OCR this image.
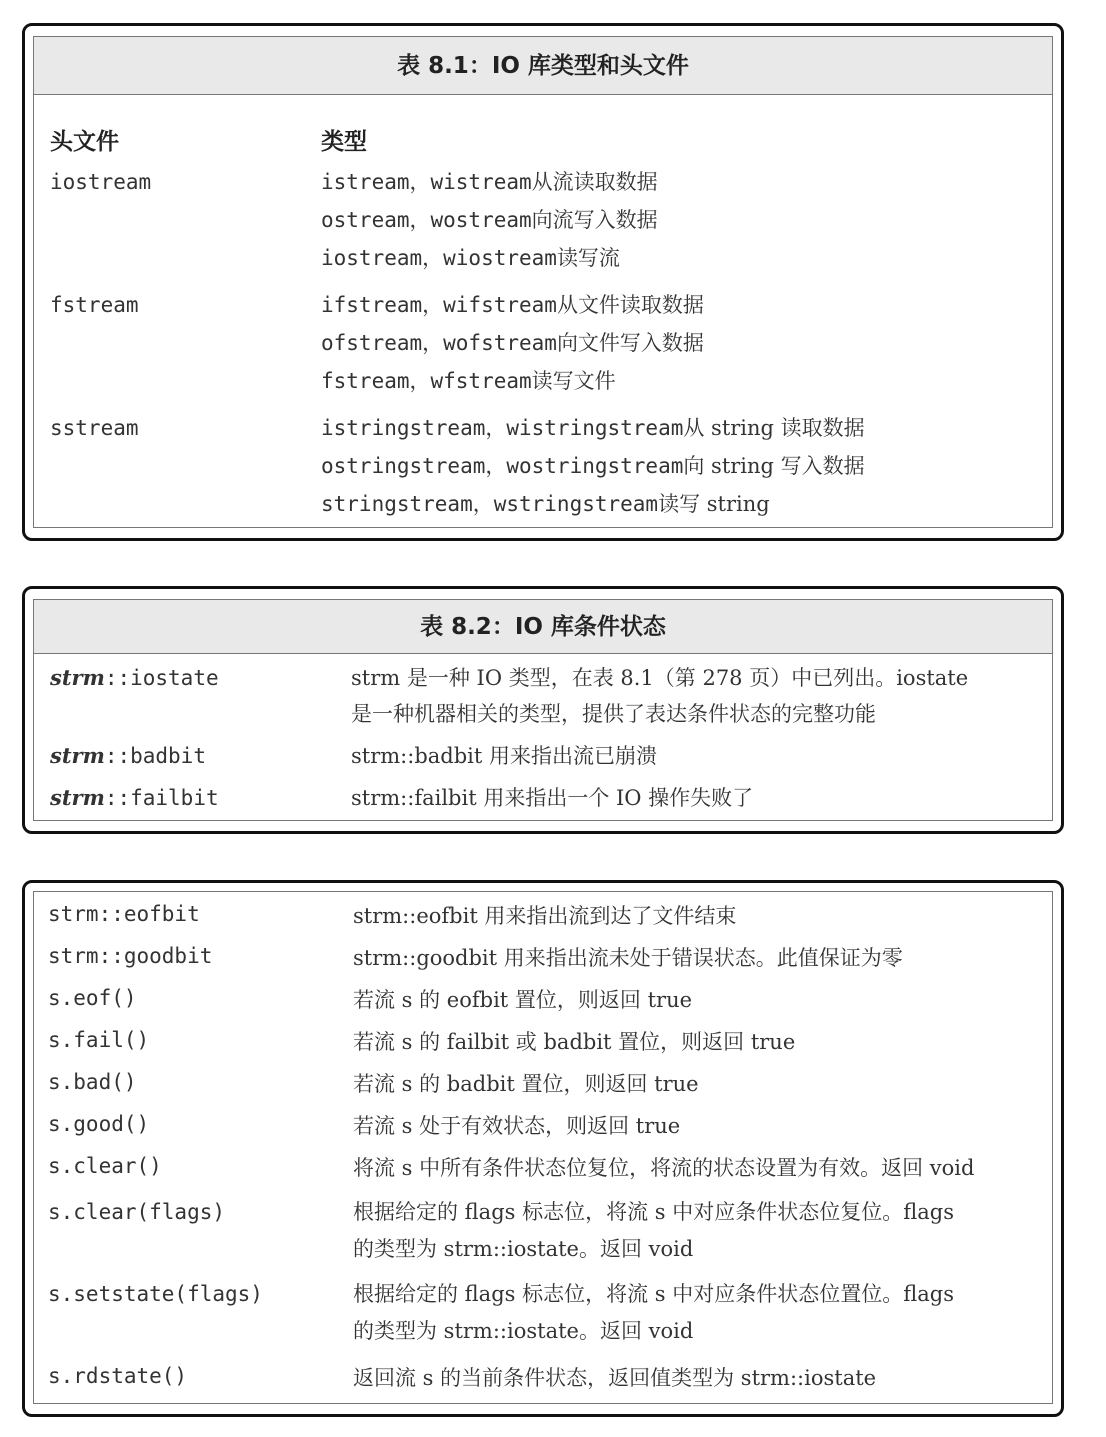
表 8.1：IO 库类型和头文件
头文件	类型
iostream	istream，wistream从流读取数据
ostream，wostream向流写入数据
iostream，wiostream读写流
fstream	ifstream，wifstream从文件读取数据
ofstream，wofstream向文件写入数据
fstream，wfstream读写文件
sstream	istringstream，wistringstream从 string 读取数据
ostringstream，wostringstream向 string 写入数据
stringstream，wstringstream读写 string
表 8.2：IO 库条件状态
strm::iostate	strm 是一种 IO 类型，在表 8.1（第 278 页）中已列出。iostate
是一种机器相关的类型，提供了表达条件状态的完整功能
strm::badbit	strm::badbit 用来指出流已崩溃
strm::failbit	strm::failbit 用来指出一个 IO 操作失败了
strm::eofbit	strm::eofbit 用来指出流到达了文件结束
strm::goodbit	strm::goodbit 用来指出流未处于错误状态。此值保证为零
s.eof()	若流 s 的 eofbit 置位，则返回 true
s.fail()	若流 s 的 failbit 或 badbit 置位，则返回 true
s.bad()	若流 s 的 badbit 置位，则返回 true
s.good()	若流 s 处于有效状态，则返回 true
s.clear()	将流 s 中所有条件状态位复位，将流的状态设置为有效。返回 void
s.clear(flags)	根据给定的 flags 标志位，将流 s 中对应条件状态位复位。flags
的类型为 strm::iostate。返回 void
s.setstate(flags)	根据给定的 flags 标志位，将流 s 中对应条件状态位置位。flags
的类型为 strm::iostate。返回 void
s.rdstate()	返回流 s 的当前条件状态，返回值类型为 strm::iostate
